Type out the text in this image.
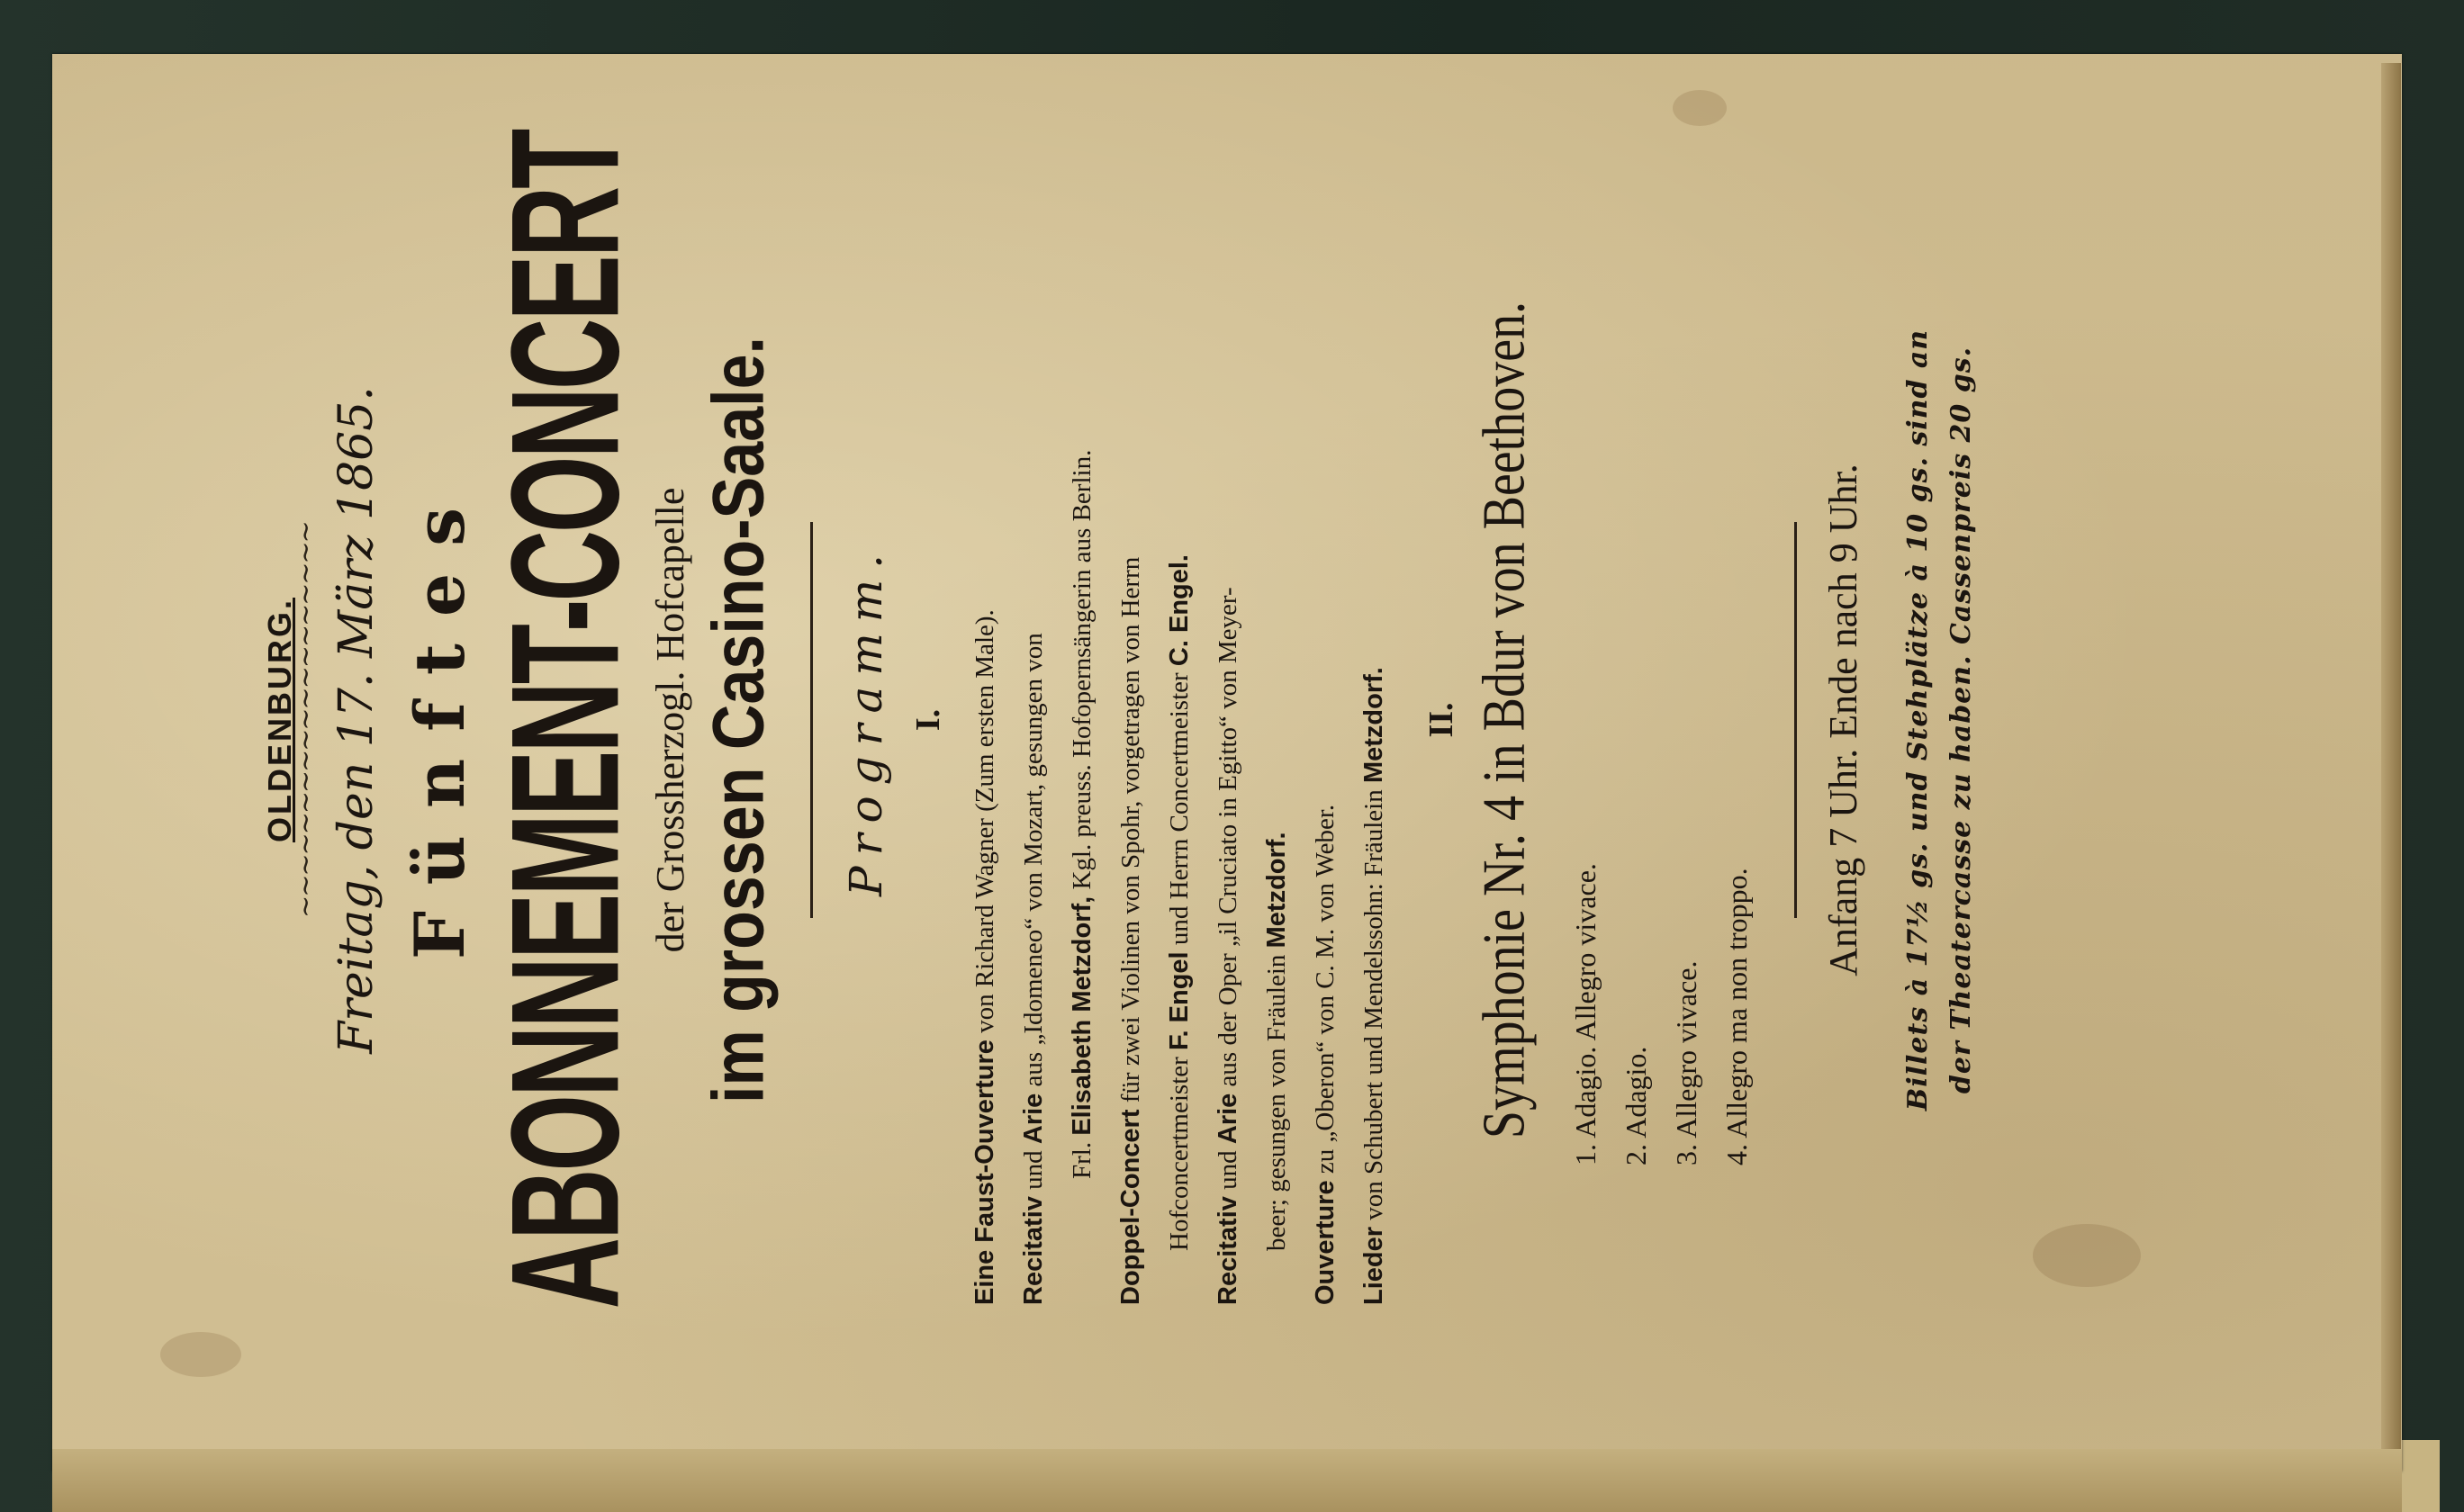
OLDENBURG.
∼∼∼∼∼∼∼∼∼∼∼∼∼∼∼∼∼∼∼ Freitag, den 17. März 1865. Fünftes ABONNEMENT-CONCERT
der Grossherzogl. Hofcapelle im grossen Casino-Saale. Programm. I.
Eine Faust-Ouverture von Richard Wagner (Zum ersten Male).
Recitativ und Arie aus „Idomeneo“ von Mozart, gesungen von
Frl. Elisabeth Metzdorf, Kgl. preuss. Hofopernsängerin aus Berlin.
Doppel-Concert für zwei Violinen von Spohr, vorgetragen von Herrn
Hofconcertmeister F. Engel und Herrn Concertmeister C. Engel.
Recitativ und Arie aus der Oper „il Cruciato in Egitto“ von Meyer-
beer; gesungen von Fräulein Metzdorf.
Ouverture zu „Oberon“ von C. M. von Weber.
Lieder von Schubert und Mendelssohn: Fräulein Metzdorf. II. Symphonie Nr. 4 in Bdur von Beethoven.	1. Adagio. Allegro vivace. 2. Adagio. 3. Allegro vivace. 4. Allegro ma non troppo.
Anfang 7 Uhr. Ende nach 9 Uhr. Billets à 17½ gs. und Stehplätze à 10 gs. sind an der Theatercasse zu haben. Cassenpreis 20 gs.
